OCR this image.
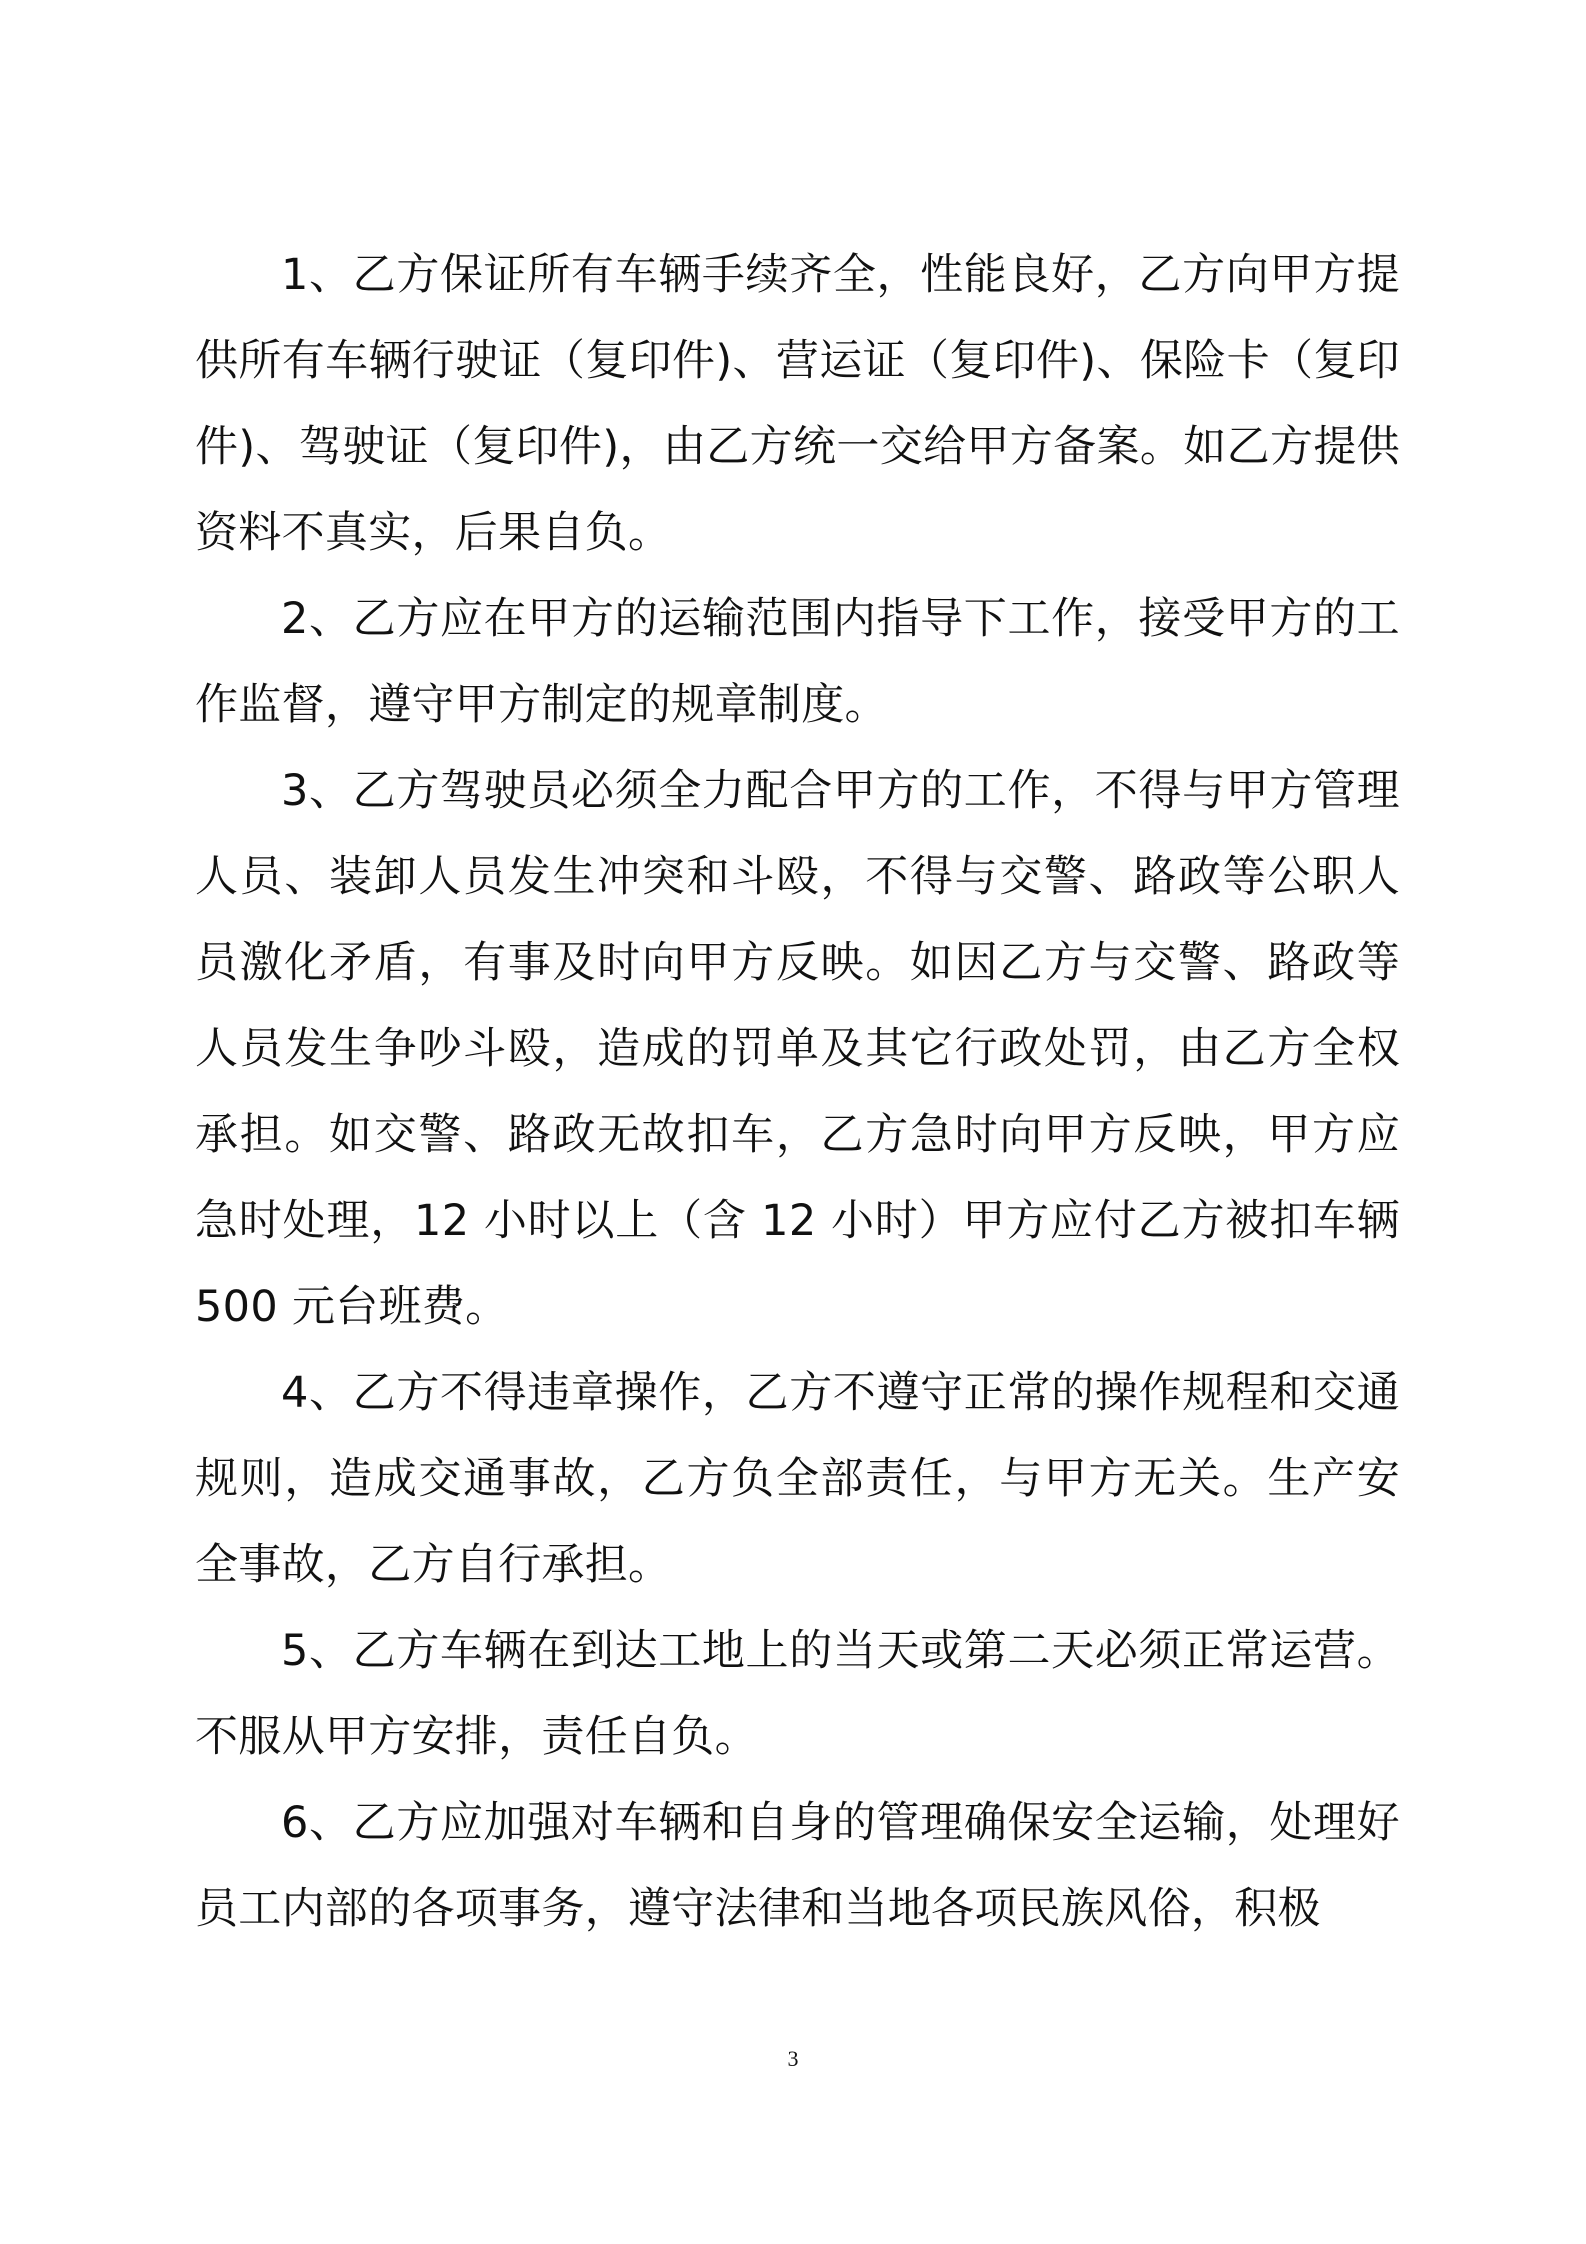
1、乙方保证所有车辆手续齐全，性能良好，乙方向甲方提供所有车辆行驶证（复印件)、营运证（复印件)、保险卡（复印件)、驾驶证（复印件)，由乙方统一交给甲方备案。如乙方提供资料不真实，后果自负。

2、乙方应在甲方的运输范围内指导下工作，接受甲方的工作监督，遵守甲方制定的规章制度。

3、乙方驾驶员必须全力配合甲方的工作，不得与甲方管理人员、装卸人员发生冲突和斗殴，不得与交警、路政等公职人员激化矛盾，有事及时向甲方反映。如因乙方与交警、路政等人员发生争吵斗殴，造成的罚单及其它行政处罚，由乙方全权承担。如交警、路政无故扣车，乙方急时向甲方反映，甲方应急时处理，12 小时以上（含 12 小时）甲方应付乙方被扣车辆 500 元台班费。

4、乙方不得违章操作，乙方不遵守正常的操作规程和交通规则，造成交通事故，乙方负全部责任，与甲方无关。生产安全事故，乙方自行承担。

5、乙方车辆在到达工地上的当天或第二天必须正常运营。不服从甲方安排，责任自负。

6、乙方应加强对车辆和自身的管理确保安全运输，处理好员工内部的各项事务，遵守法律和当地各项民族风俗，积极

3
